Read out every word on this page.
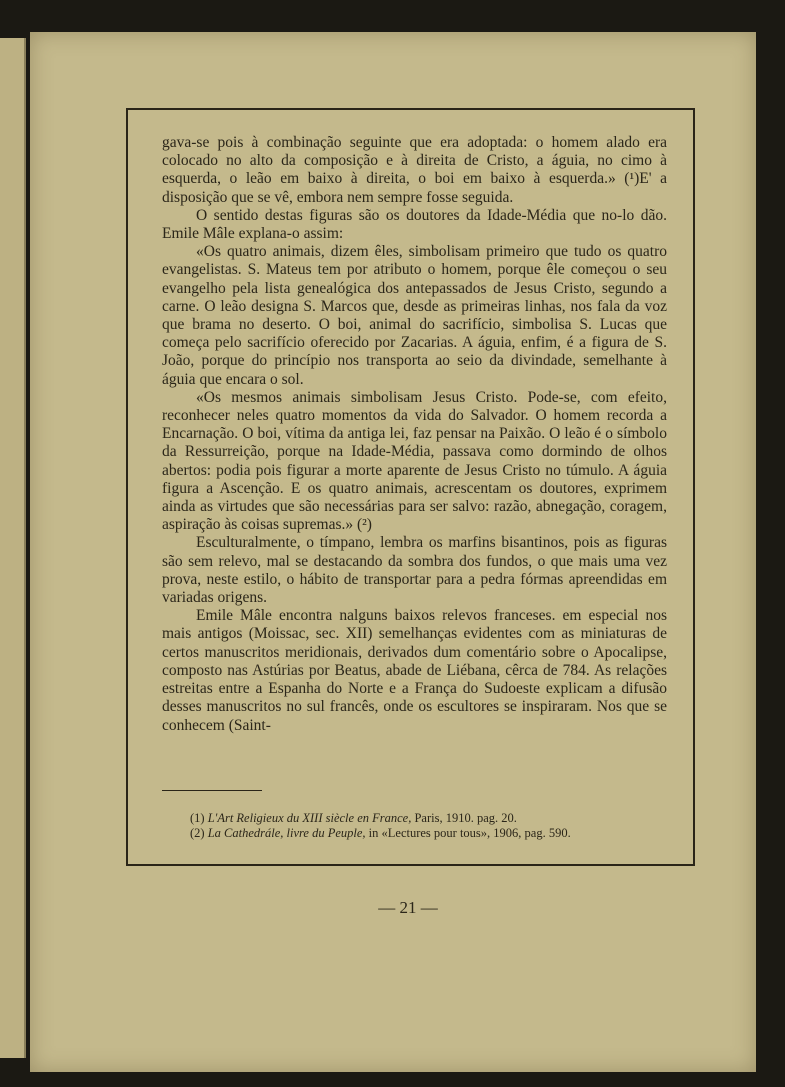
gava-se pois à combinação seguinte que era adoptada: o homem alado era colocado no alto da composição e à direita de Cristo, a águia, no cimo à esquerda, o leão em baixo à direita, o boi em baixo à esquerda.» (¹)E' a disposição que se vê, embora nem sempre fosse seguida.

O sentido destas figuras são os doutores da Idade-Média que no-lo dão. Emile Mâle explana-o assim:

«Os quatro animais, dizem êles, simbolisam primeiro que tudo os quatro evangelistas. S. Mateus tem por atributo o homem, porque êle começou o seu evangelho pela lista genealógica dos antepassados de Jesus Cristo, segundo a carne. O leão designa S. Marcos que, desde as primeiras linhas, nos fala da voz que brama no deserto. O boi, animal do sacrifício, simbolisa S. Lucas que começa pelo sacrifício oferecido por Zacarias. A águia, enfim, é a figura de S. João, porque do princípio nos transporta ao seio da divindade, semelhante à águia que encara o sol.

«Os mesmos animais simbolisam Jesus Cristo. Pode-se, com efeito, reconhecer neles quatro momentos da vida do Salvador. O homem recorda a Encarnação. O boi, vítima da antiga lei, faz pensar na Paixão. O leão é o símbolo da Ressurreição, porque na Idade-Média, passava como dormindo de olhos abertos: podia pois figurar a morte aparente de Jesus Cristo no túmulo. A águia figura a Ascenção. E os quatro animais, acrescentam os doutores, exprimem ainda as virtudes que são necessárias para ser salvo: razão, abnegação, coragem, aspiração às coisas supremas.» (²)

Esculturalmente, o tímpano, lembra os marfins bisantinos, pois as figuras são sem relevo, mal se destacando da sombra dos fundos, o que mais uma vez prova, neste estilo, o hábito de transportar para a pedra fórmas apreendidas em variadas origens.

Emile Mâle encontra nalguns baixos relevos franceses. em especial nos mais antigos (Moissac, sec. XII) semelhanças evidentes com as miniaturas de certos manuscritos meridionais, derivados dum comentário sobre o Apocalipse, composto nas Astúrias por Beatus, abade de Liébana, cêrca de 784. As relações estreitas entre a Espanha do Norte e a França do Sudoeste explicam a difusão desses manuscritos no sul francês, onde os escultores se inspiraram. Nos que se conhecem (Saint-

(1) L'Art Religieux du XIII siècle en France, Paris, 1910. pag. 20.
(2) La Cathedrále, livre du Peuple, in «Lectures pour tous», 1906, pag. 590.
— 21 —
